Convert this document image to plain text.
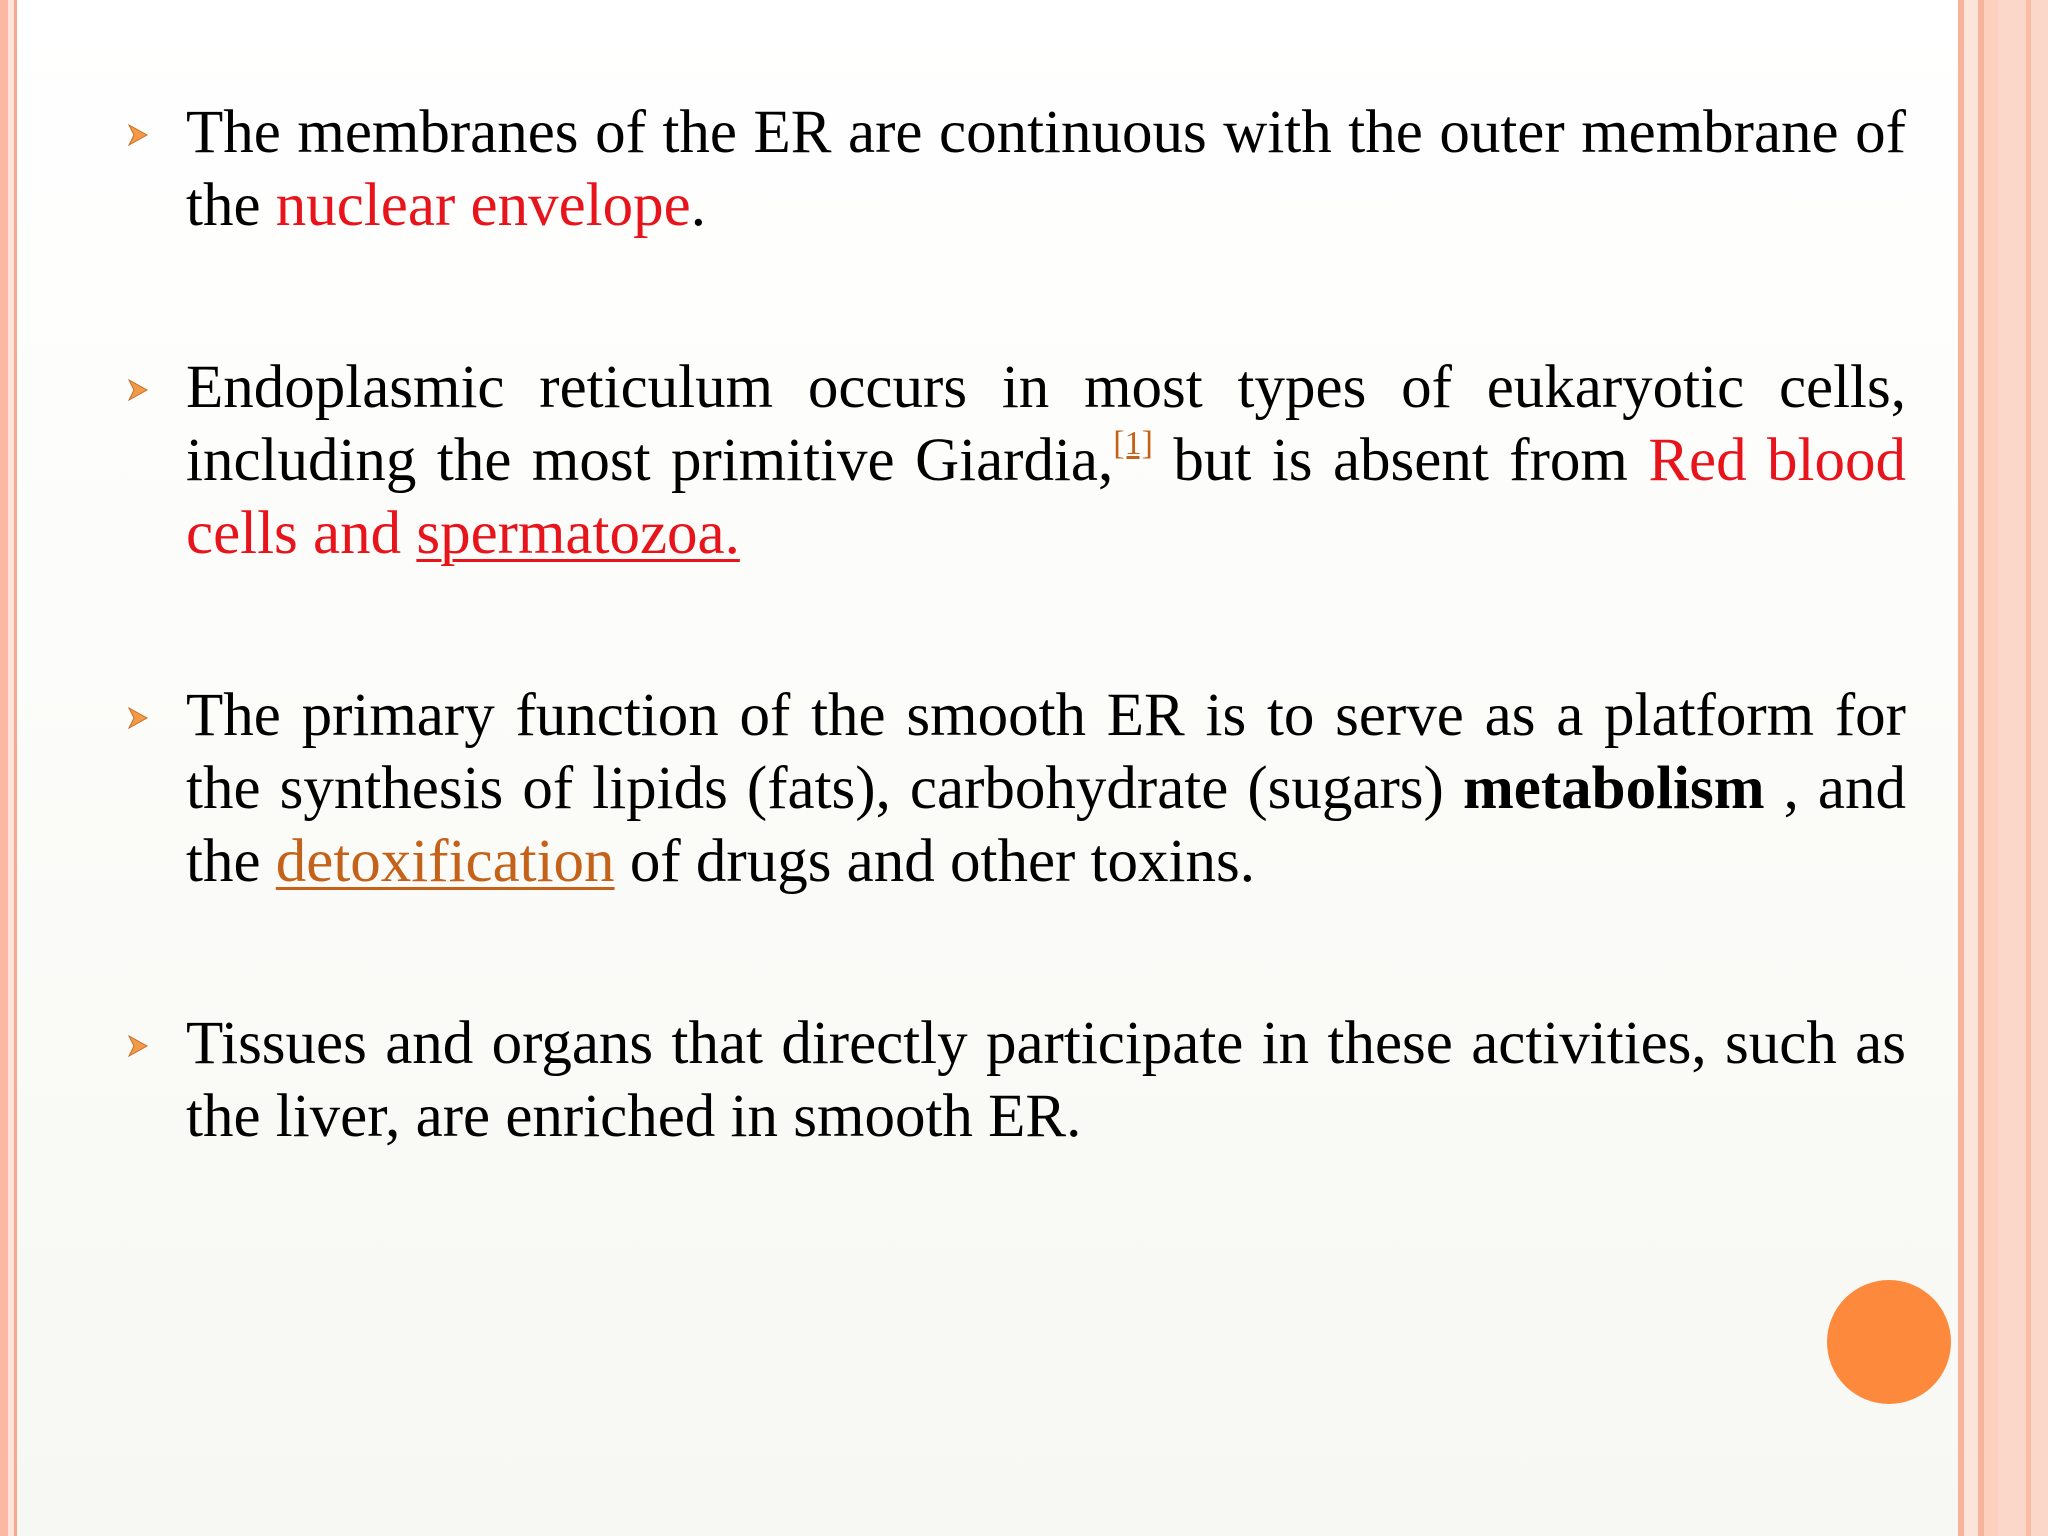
The membranes of the ER are continuous with the outer membrane of the nuclear envelope.

Endoplasmic reticulum occurs in most types of eukaryotic cells, including the most primitive Giardia,[1] but is absent from Red blood cells and spermatozoa.

The primary function of the smooth ER is to serve as a platform for the synthesis of lipids (fats), carbohydrate (sugars) metabolism , and the detoxification of drugs and other toxins.

Tissues and organs that directly participate in these activities, such as the liver, are enriched in smooth ER.
